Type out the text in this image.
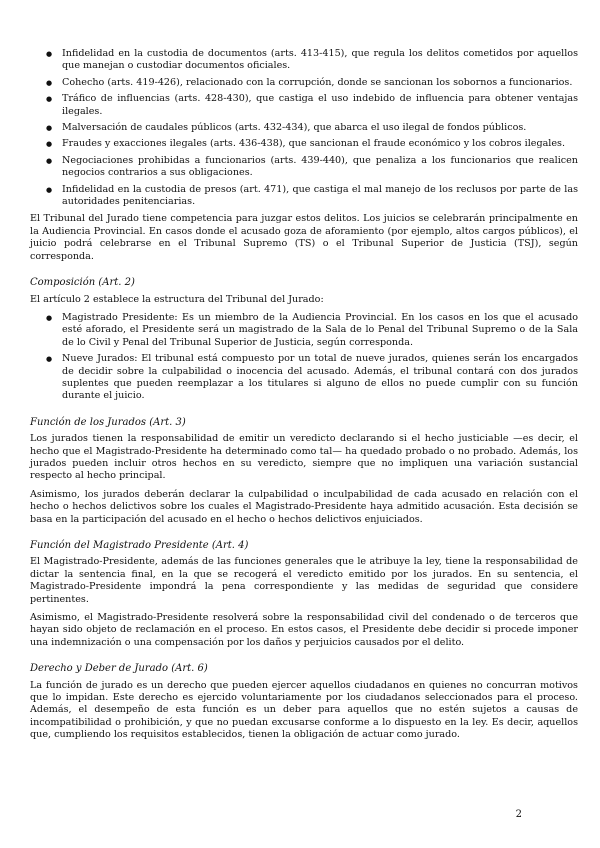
● Infidelidad en la custodia de documentos (arts. 413-415), que regula los delitos cometidos por aquellos que manejan o custodiar documentos oficiales.
● Cohecho (arts. 419-426), relacionado con la corrupción, donde se sancionan los sobornos a funcionarios.
● Tráfico de influencias (arts. 428-430), que castiga el uso indebido de influencia para obtener ventajas ilegales.
● Malversación de caudales públicos (arts. 432-434), que abarca el uso ilegal de fondos públicos.
● Fraudes y exacciones ilegales (arts. 436-438), que sancionan el fraude económico y los cobros ilegales.
● Negociaciones prohibidas a funcionarios (arts. 439-440), que penaliza a los funcionarios que realicen negocios contrarios a sus obligaciones.
● Infidelidad en la custodia de presos (art. 471), que castiga el mal manejo de los reclusos por parte de las autoridades penitenciarias.

El Tribunal del Jurado tiene competencia para juzgar estos delitos. Los juicios se celebrarán principalmente en la Audiencia Provincial. En casos donde el acusado goza de aforamiento (por ejemplo, altos cargos públicos), el juicio podrá celebrarse en el Tribunal Supremo (TS) o el Tribunal Superior de Justicia (TSJ), según corresponda.

Composición (Art. 2)

El artículo 2 establece la estructura del Tribunal del Jurado:

● Magistrado Presidente: Es un miembro de la Audiencia Provincial. En los casos en los que el acusado esté aforado, el Presidente será un magistrado de la Sala de lo Penal del Tribunal Supremo o de la Sala de lo Civil y Penal del Tribunal Superior de Justicia, según corresponda.
● Nueve Jurados: El tribunal está compuesto por un total de nueve jurados, quienes serán los encargados de decidir sobre la culpabilidad o inocencia del acusado. Además, el tribunal contará con dos jurados suplentes que pueden reemplazar a los titulares si alguno de ellos no puede cumplir con su función durante el juicio.
Función de los Jurados (Art. 3)

Los jurados tienen la responsabilidad de emitir un veredicto declarando si el hecho justiciable —es decir, el hecho que el Magistrado-Presidente ha determinado como tal— ha quedado probado o no probado. Además, los jurados pueden incluir otros hechos en su veredicto, siempre que no impliquen una variación sustancial respecto al hecho principal.

Asimismo, los jurados deberán declarar la culpabilidad o inculpabilidad de cada acusado en relación con el hecho o hechos delictivos sobre los cuales el Magistrado-Presidente haya admitido acusación. Esta decisión se basa en la participación del acusado en el hecho o hechos delictivos enjuiciados.

Función del Magistrado Presidente (Art. 4)

El Magistrado-Presidente, además de las funciones generales que le atribuye la ley, tiene la responsabilidad de dictar la sentencia final, en la que se recogerá el veredicto emitido por los jurados. En su sentencia, el Magistrado-Presidente impondrá la pena correspondiente y las medidas de seguridad que considere pertinentes.

Asimismo, el Magistrado-Presidente resolverá sobre la responsabilidad civil del condenado o de terceros que hayan sido objeto de reclamación en el proceso. En estos casos, el Presidente debe decidir si procede imponer una indemnización o una compensación por los daños y perjuicios causados por el delito.

Derecho y Deber de Jurado (Art. 6)

La función de jurado es un derecho que pueden ejercer aquellos ciudadanos en quienes no concurran motivos que lo impidan. Este derecho es ejercido voluntariamente por los ciudadanos seleccionados para el proceso. Además, el desempeño de esta función es un deber para aquellos que no estén sujetos a causas de incompatibilidad o prohibición, y que no puedan excusarse conforme a lo dispuesto en la ley. Es decir, aquellos que, cumpliendo los requisitos establecidos, tienen la obligación de actuar como jurado.

2
